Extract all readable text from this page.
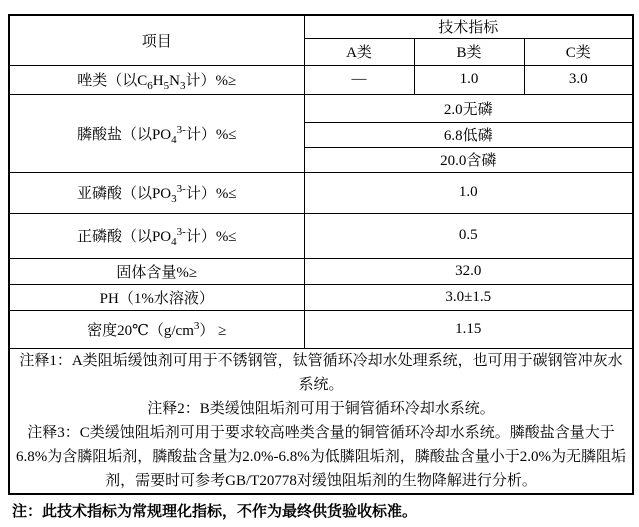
项目	技术指标		
	A类	B类	C类
唑类（以$C_6H_5N_3$计）%≥	—	1.0	3.0
膦酸盐（以$PO_4^{3-}$计）%≤	2.0无磷		
	6.8低磷		
	20.0含磷		
亚磷酸（以$PO_3^{3-}$计）%≤	1.0		
正磷酸（以$PO_4^{3-}$计）%≤	0.5		
固体含量%≥	32.0		
PH（1%水溶液）	3.0±1.5		
密度$20℃(g/cm^3)$ ≥	1.15		

注释1：A类阻垢缓蚀剂可用于不锈钢管，钛管循环冷却水处理系统，也可用于碳钢管冲灰水系统。
注释2：B类缓蚀阻垢剂可用于铜管循环冷却水系统。
注释3：C类缓蚀阻垢剂可用于要求较高唑类含量的铜管循环冷却水系统。膦酸盐含量大于6.8%为含膦阻垢剂，膦酸盐含量为2.0%-6.8%为低膦阻垢剂，膦酸盐含量小于2.0%为无膦阻垢剂，需要时可参考GB/T20778对缓蚀阻垢剂的生物降解进行分析。			
注：此技术指标为常规理化指标，不作为最终供货验收标准。
